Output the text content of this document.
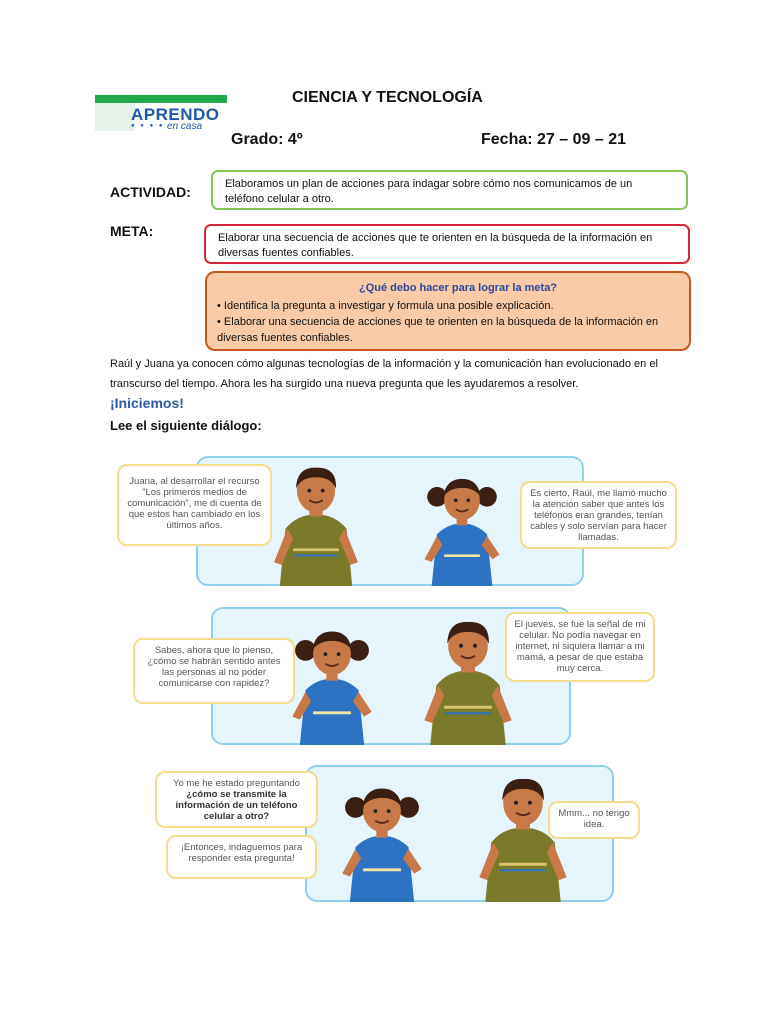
APRENDO
● ● ● ● en casa
CIENCIA Y TECNOLOGÍA
Grado: 4º	Fecha: 27 – 09 – 21
ACTIVIDAD:	Elaboramos un plan de acciones para indagar sobre cómo nos comunicamos de un teléfono celular a otro.
META:	Elaborar una secuencia de acciones que te orienten en la búsqueda de la información en diversas fuentes confiables.
¿Qué debo hacer para lograr la meta?
• Identifica la pregunta a investigar y formula una posible explicación.
• Elaborar una secuencia de acciones que te orienten en la búsqueda de la información en diversas fuentes confiables.
Raúl y Juana ya conocen cómo algunas tecnologías de la información y la comunicación han evolucionado en el transcurso del tiempo. Ahora les ha surgido una nueva pregunta que les ayudaremos a resolver.
¡Iniciemos!
Lee el siguiente diálogo:
Juana, al desarrollar el recurso "Los primeros medios de comunicación", me di cuenta de que estos han cambiado en los últimos años.
Es cierto, Raúl, me llamó mucho la atención saber que antes los teléfonos eran grandes, tenían cables y solo servían para hacer llamadas.
Sabes, ahora que lo pienso, ¿cómo se habrán sentido antes las personas al no poder comunicarse con rapidez?
El jueves, se fue la señal de mi celular. No podía navegar en internet, ni siquiera llamar a mi mamá, a pesar de que estaba muy cerca.
Yo me he estado preguntando ¿cómo se transmite la información de un teléfono celular a otro?
¡Entonces, indaguemos para responder esta pregunta!
Mmm... no tengo idea.
